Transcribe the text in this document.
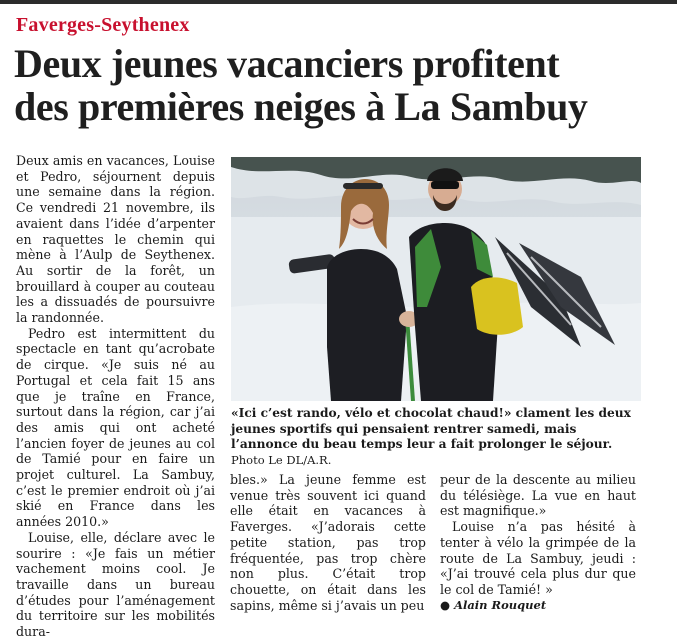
Faverges-Seythenex
Deux jeunes vacanciers profitent
des premières neiges à La Sambuy

Deux amis en vacances, Louise et Pedro, séjournent depuis une semaine dans la région. Ce vendredi 21 novembre, ils avaient dans l’idée d’arpenter en raquettes le chemin qui mène à l’Aulp de Seythenex. Au sortir de la forêt, un brouillard à couper au couteau les a dissuadés de poursuivre la randonnée.

Pedro est intermittent du spectacle en tant qu’acrobate de cirque. «Je suis né au Portugal et cela fait 15 ans que je traîne en France, surtout dans la région, car j’ai des amis qui ont acheté l’ancien foyer de jeunes au col de Tamié pour en faire un projet culturel. La Sambuy, c’est le premier endroit où j’ai skié en France dans les années 2010.»

Louise, elle, déclare avec le sourire : «Je fais un métier vachement moins cool. Je travaille dans un bureau d’études pour l’aménagement du territoire sur les mobilités dura-

«Ici c’est rando, vélo et chocolat chaud!» clament les deux jeunes sportifs qui pensaient rentrer samedi, mais l’annonce du beau temps leur a fait prolonger le séjour. Photo Le DL/A.R.

bles.» La jeune femme est venue très souvent ici quand elle était en vacances à Faverges. «J’adorais cette petite station, pas trop fréquentée, pas trop chère non plus. C’était trop chouette, on était dans les sapins, même si j’avais un peu

peur de la descente au milieu du télésiège. La vue en haut est magnifique.»

Louise n’a pas hésité à tenter à vélo la grimpée de la route de La Sambuy, jeudi : «J’ai trouvé cela plus dur que le col de Tamié! »

● Alain Rouquet
